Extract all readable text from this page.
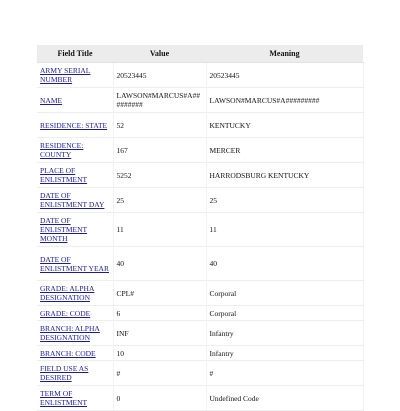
Field Title	Value	Meaning
ARMY SERIAL NUMBER	20523445	20523445
NAME	LAWSON#MARCUS#A#########	LAWSON#MARCUS#A#########
RESIDENCE: STATE	52	KENTUCKY
RESIDENCE: COUNTY	167	MERCER
PLACE OF ENLISTMENT	5252	HARRODSBURG KENTUCKY
DATE OF ENLISTMENT DAY	25	25
DATE OF ENLISTMENT MONTH	11	11
DATE OF ENLISTMENT YEAR	40	40
GRADE: ALPHA DESIGNATION	CPL#	Corporal
GRADE: CODE	6	Corporal
BRANCH: ALPHA DESIGNATION	INF	Infantry
BRANCH: CODE	10	Infantry
FIELD USE AS DESIRED	#	#
TERM OF ENLISTMENT	0	Undefined Code
